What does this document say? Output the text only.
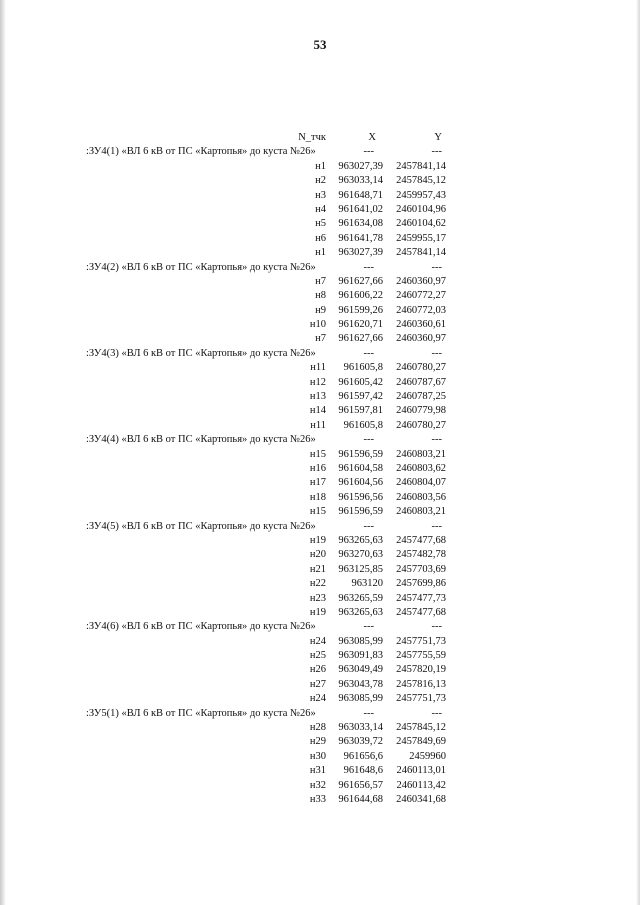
53
N_тчк	X	Y
:ЗУ4(1) «ВЛ 6 кВ от ПС «Картопья» до куста №26»	---	---
н1 963027,39 2457841,14
н2 963033,14 2457845,12
н3 961648,71 2459957,43
н4 961641,02 2460104,96
н5 961634,08 2460104,62
н6 961641,78 2459955,17
н1 963027,39 2457841,14
:ЗУ4(2) «ВЛ 6 кВ от ПС «Картопья» до куста №26»	---	---
н7 961627,66 2460360,97
н8 961606,22 2460772,27
н9 961599,26 2460772,03
н10 961620,71 2460360,61
н7 961627,66 2460360,97
:ЗУ4(3) «ВЛ 6 кВ от ПС «Картопья» до куста №26»	---	---
н11 961605,8 2460780,27
н12 961605,42 2460787,67
н13 961597,42 2460787,25
н14 961597,81 2460779,98
н11 961605,8 2460780,27
:ЗУ4(4) «ВЛ 6 кВ от ПС «Картопья» до куста №26»	---	---
н15 961596,59 2460803,21
н16 961604,58 2460803,62
н17 961604,56 2460804,07
н18 961596,56 2460803,56
н15 961596,59 2460803,21
:ЗУ4(5) «ВЛ 6 кВ от ПС «Картопья» до куста №26»	---	---
н19 963265,63 2457477,68
н20 963270,63 2457482,78
н21 963125,85 2457703,69
н22 963120 2457699,86
н23 963265,59 2457477,73
н19 963265,63 2457477,68
:ЗУ4(6) «ВЛ 6 кВ от ПС «Картопья» до куста №26»	---	---
н24 963085,99 2457751,73
н25 963091,83 2457755,59
н26 963049,49 2457820,19
н27 963043,78 2457816,13
н24 963085,99 2457751,73
:ЗУ5(1) «ВЛ 6 кВ от ПС «Картопья» до куста №26»	---	---
н28 963033,14 2457845,12
н29 963039,72 2457849,69
н30 961656,6	2459960
н31 961648,6 2460113,01
н32 961656,57 2460113,42
н33 961644,68 2460341,68
